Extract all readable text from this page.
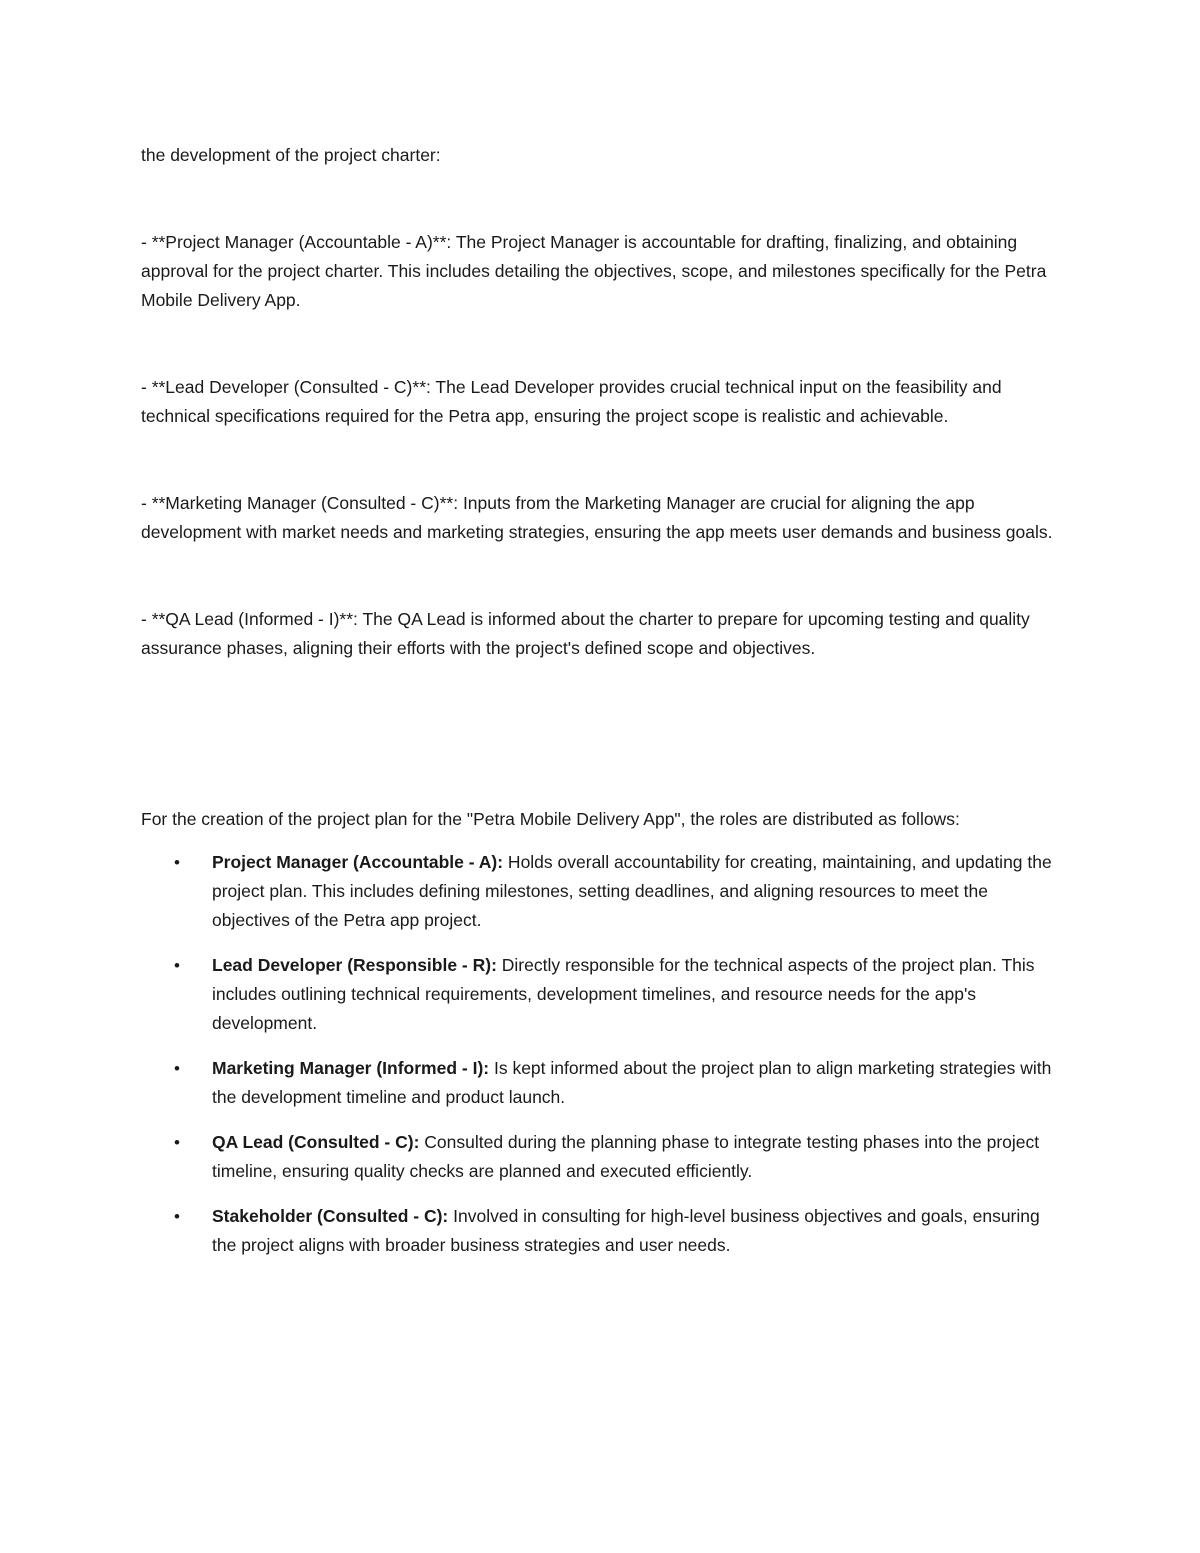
the development of the project charter:

- **Project Manager (Accountable - A)**: The Project Manager is accountable for drafting, finalizing, and obtaining approval for the project charter. This includes detailing the objectives, scope, and milestones specifically for the Petra Mobile Delivery App.

- **Lead Developer (Consulted - C)**: The Lead Developer provides crucial technical input on the feasibility and technical specifications required for the Petra app, ensuring the project scope is realistic and achievable.

- **Marketing Manager (Consulted - C)**: Inputs from the Marketing Manager are crucial for aligning the app development with market needs and marketing strategies, ensuring the app meets user demands and business goals.

- **QA Lead (Informed - I)**: The QA Lead is informed about the charter to prepare for upcoming testing and quality assurance phases, aligning their efforts with the project's defined scope and objectives.

For the creation of the project plan for the "Petra Mobile Delivery App", the roles are distributed as follows:

• Project Manager (Accountable - A): Holds overall accountability for creating, maintaining, and updating the project plan. This includes defining milestones, setting deadlines, and aligning resources to meet the objectives of the Petra app project.
• Lead Developer (Responsible - R): Directly responsible for the technical aspects of the project plan. This includes outlining technical requirements, development timelines, and resource needs for the app's development.
• Marketing Manager (Informed - I): Is kept informed about the project plan to align marketing strategies with the development timeline and product launch.
• QA Lead (Consulted - C): Consulted during the planning phase to integrate testing phases into the project timeline, ensuring quality checks are planned and executed efficiently.
• Stakeholder (Consulted - C): Involved in consulting for high-level business objectives and goals, ensuring the project aligns with broader business strategies and user needs.
